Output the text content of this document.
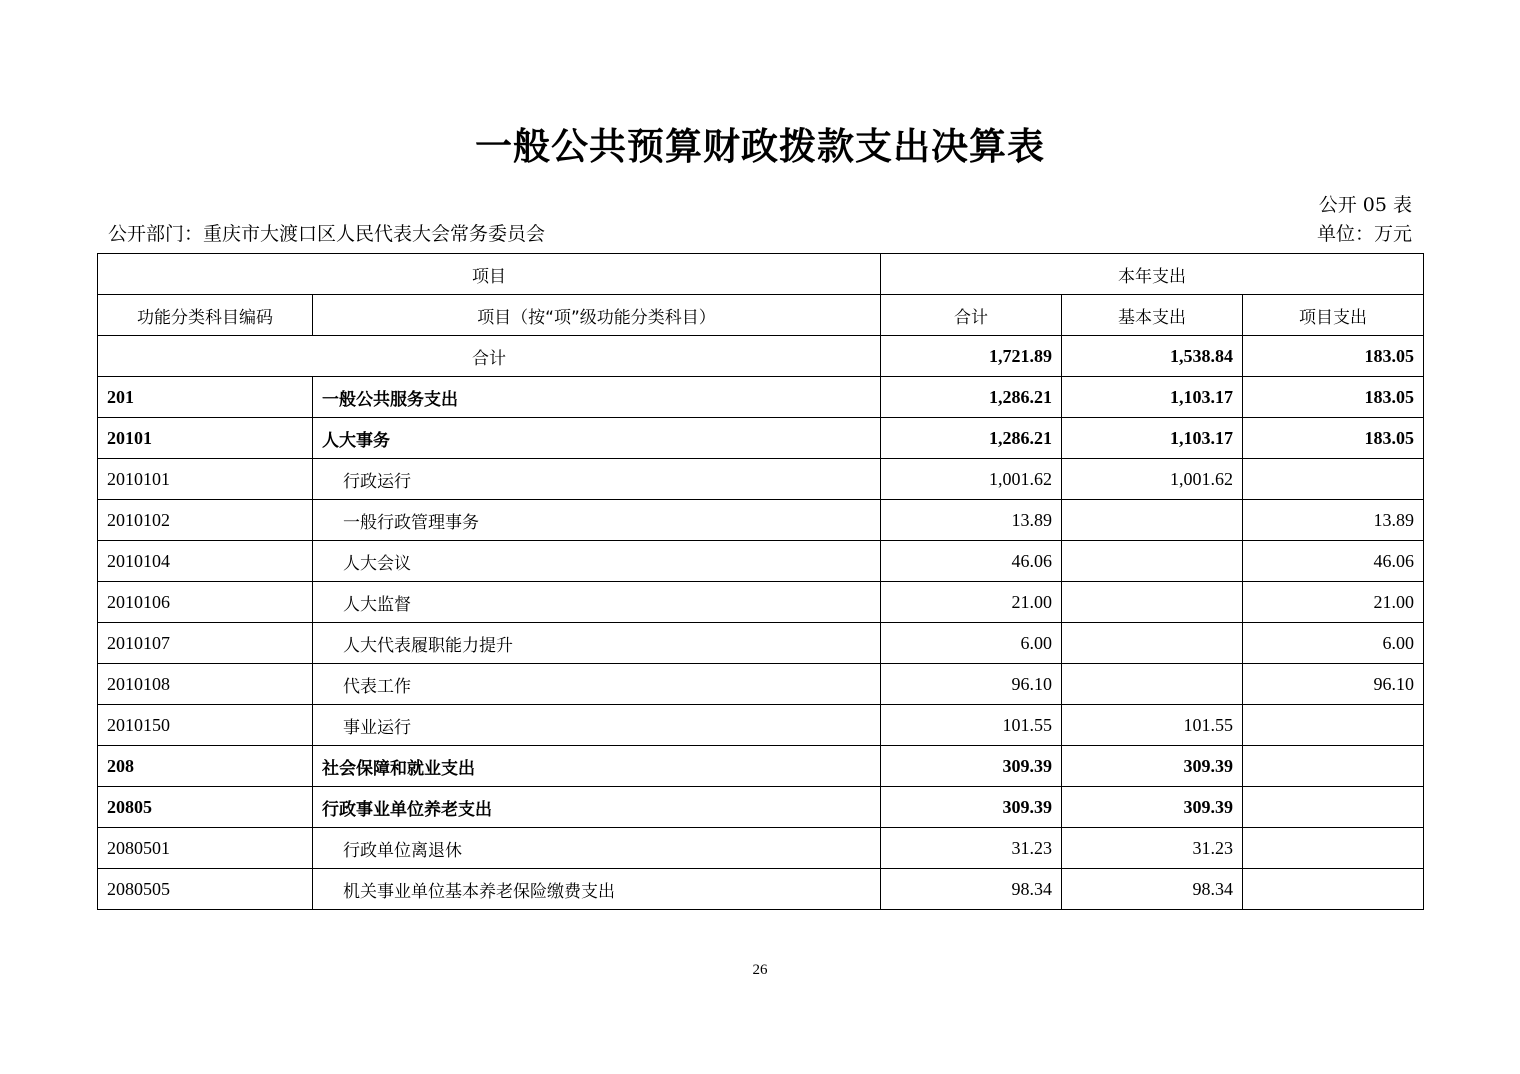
一般公共预算财政拨款支出决算表
公开 05 表
公开部门：重庆市大渡口区人民代表大会常务委员会	单位：万元
项目		本年支出		
功能分类科目编码	项目（按“项”级功能分类科目）	合计	基本支出	项目支出
合计		1,721.89	1,538.84	183.05
201	一般公共服务支出	1,286.21	1,103.17	183.05
20101	人大事务	1,286.21	1,103.17	183.05
2010101	行政运行	1,001.62	1,001.62	
2010102	一般行政管理事务	13.89		13.89
2010104	人大会议	46.06		46.06
2010106	人大监督	21.00		21.00
2010107	人大代表履职能力提升	6.00		6.00
2010108	代表工作	96.10		96.10
2010150	事业运行	101.55	101.55	
208	社会保障和就业支出	309.39	309.39	
20805	行政事业单位养老支出	309.39	309.39	
2080501	行政单位离退休	31.23	31.23	
2080505	机关事业单位基本养老保险缴费支出	98.34	98.34	
26
